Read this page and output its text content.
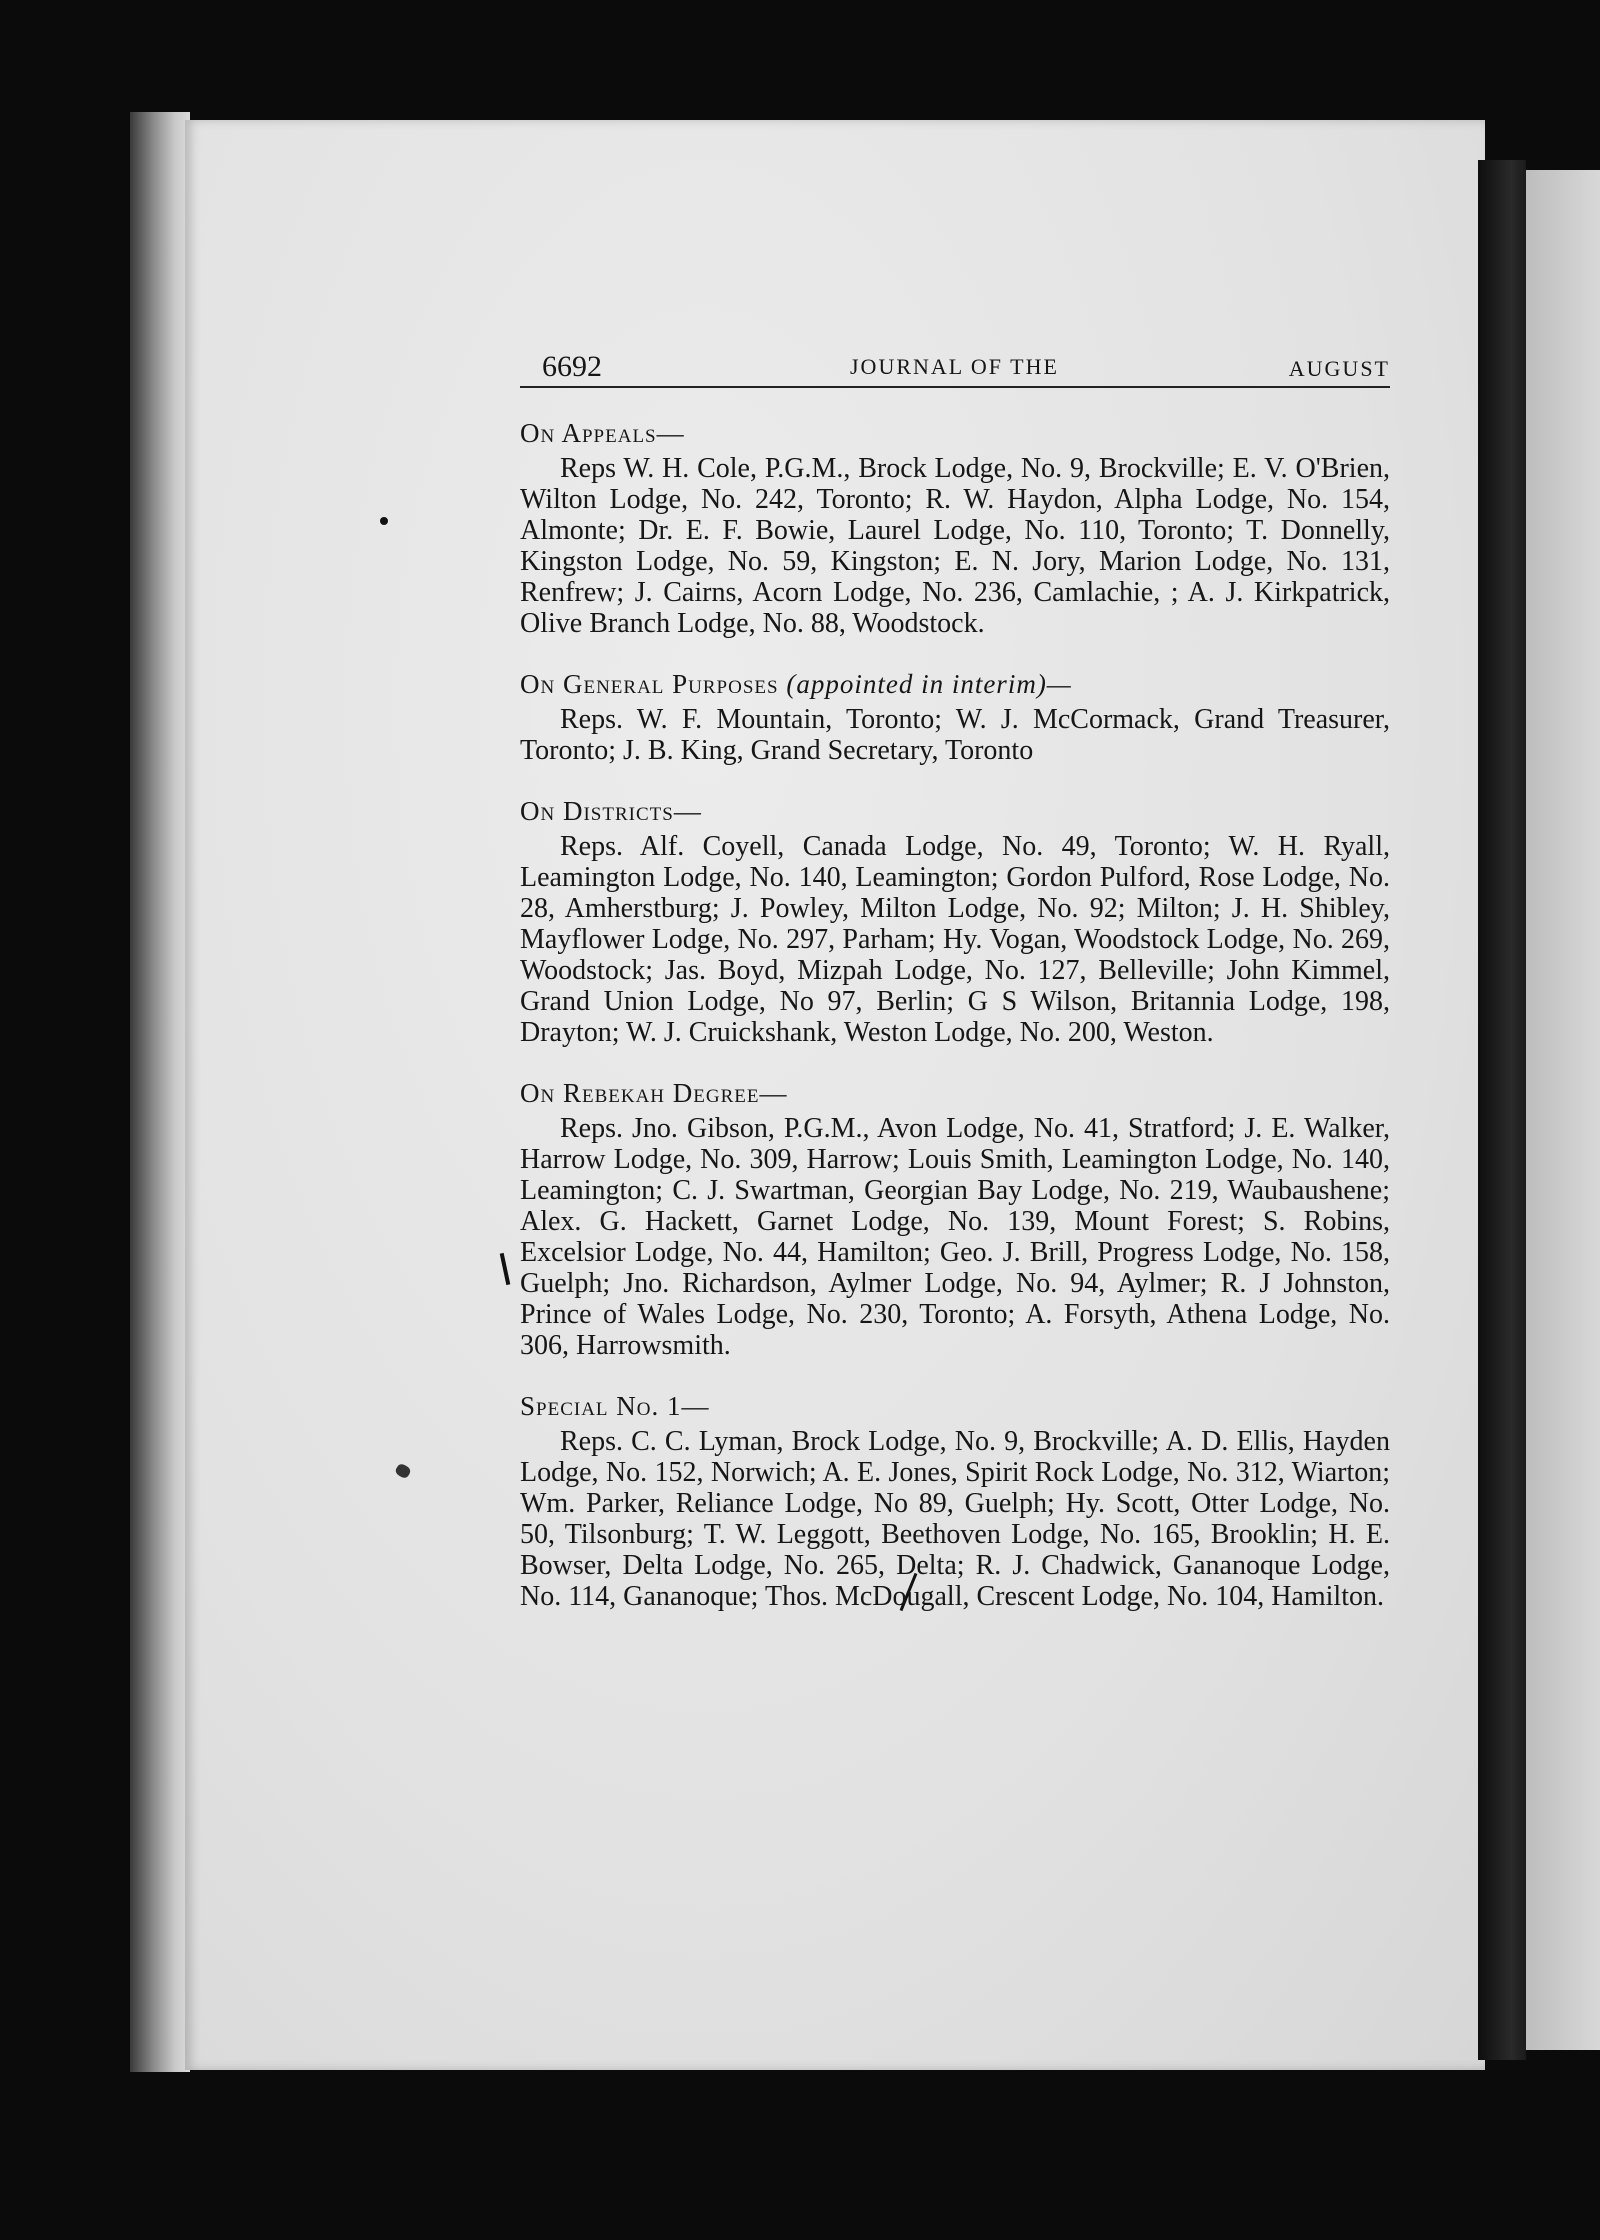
6692	JOURNAL OF THE	AUGUST

On Appeals—

Reps W. H. Cole, P.G.M., Brock Lodge, No. 9, Brockville; E. V. O'Brien, Wilton Lodge, No. 242, Toronto; R. W. Haydon, Alpha Lodge, No. 154, Almonte; Dr. E. F. Bowie, Laurel Lodge, No. 110, Toronto; T. Donnelly, Kingston Lodge, No. 59, Kingston; E. N. Jory, Marion Lodge, No. 131, Renfrew; J. Cairns, Acorn Lodge, No. 236, Camlachie, ; A. J. Kirkpatrick, Olive Branch Lodge, No. 88, Woodstock.

On General Purposes (appointed in interim)—

Reps. W. F. Mountain, Toronto; W. J. McCormack, Grand Treasurer, Toronto; J. B. King, Grand Secretary, Toronto

On Districts—

Reps. Alf. Coyell, Canada Lodge, No. 49, Toronto; W. H. Ryall, Leamington Lodge, No. 140, Leamington; Gordon Pulford, Rose Lodge, No. 28, Amherstburg; J. Powley, Milton Lodge, No. 92; Milton; J. H. Shibley, Mayflower Lodge, No. 297, Parham; Hy. Vogan, Woodstock Lodge, No. 269, Woodstock; Jas. Boyd, Mizpah Lodge, No. 127, Belleville; John Kimmel, Grand Union Lodge, No 97, Berlin; G S Wilson, Britannia Lodge, 198, Drayton; W. J. Cruickshank, Weston Lodge, No. 200, Weston.

On Rebekah Degree—

Reps. Jno. Gibson, P.G.M., Avon Lodge, No. 41, Stratford; J. E. Walker, Harrow Lodge, No. 309, Harrow; Louis Smith, Leamington Lodge, No. 140, Leamington; C. J. Swartman, Georgian Bay Lodge, No. 219, Waubaushene; Alex. G. Hackett, Garnet Lodge, No. 139, Mount Forest; S. Robins, Excelsior Lodge, No. 44, Hamilton; Geo. J. Brill, Progress Lodge, No. 158, Guelph; Jno. Richardson, Aylmer Lodge, No. 94, Aylmer; R. J Johnston, Prince of Wales Lodge, No. 230, Toronto; A. Forsyth, Athena Lodge, No. 306, Harrowsmith.

Special No. 1—

Reps. C. C. Lyman, Brock Lodge, No. 9, Brockville; A. D. Ellis, Hayden Lodge, No. 152, Norwich; A. E. Jones, Spirit Rock Lodge, No. 312, Wiarton; Wm. Parker, Reliance Lodge, No 89, Guelph; Hy. Scott, Otter Lodge, No. 50, Tilsonburg; T. W. Leggott, Beethoven Lodge, No. 165, Brooklin; H. E. Bowser, Delta Lodge, No. 265, Delta; R. J. Chadwick, Gananoque Lodge, No. 114, Gananoque; Thos. McDougall, Crescent Lodge, No. 104, Hamilton.
